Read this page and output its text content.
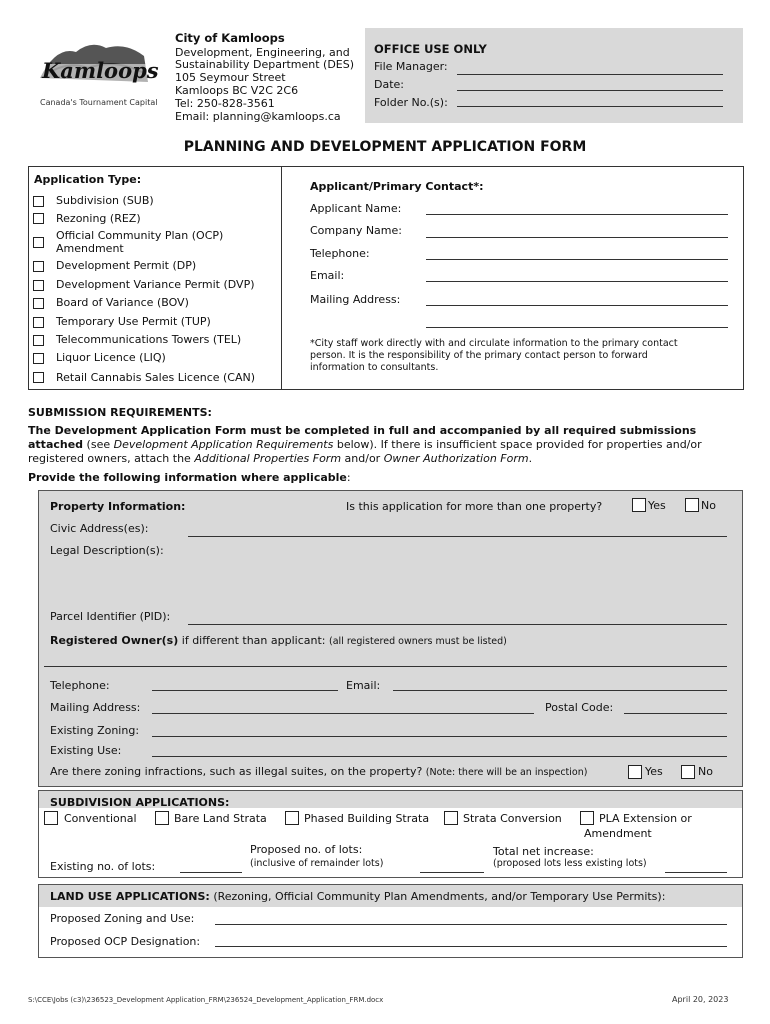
Kamloops
Canada's Tournament Capital
City of Kamloops
Development, Engineering, and
Sustainability Department (DES)
105 Seymour Street
Kamloops BC V2C 2C6
Tel: 250-828-3561
Email: planning@kamloops.ca
OFFICE USE ONLY
File Manager:
Date:
Folder No.(s):
PLANNING AND DEVELOPMENT APPLICATION FORM
Application Type:
Subdivision (SUB)
Rezoning (REZ)
Official Community Plan (OCP)
Amendment
Development Permit (DP)
Development Variance Permit (DVP)
Board of Variance (BOV)
Temporary Use Permit (TUP)
Telecommunications Towers (TEL)
Liquor Licence (LIQ)
Retail Cannabis Sales Licence (CAN)
Applicant/Primary Contact*:
Applicant Name:
Company Name:
Telephone:
Email:
Mailing Address:
*City staff work directly with and circulate information to the primary contact
person. It is the responsibility of the primary contact person to forward
information to consultants.
SUBMISSION REQUIREMENTS:
The Development Application Form must be completed in full and accompanied by all required submissions
attached (see Development Application Requirements below). If there is insufficient space provided for properties and/or
registered owners, attach the Additional Properties Form and/or Owner Authorization Form.
Provide the following information where applicable:
Property Information:	Is this application for more than one property?	Yes	No
Civic Address(es):
Legal Description(s):
Parcel Identifier (PID):
Registered Owner(s) if different than applicant: (all registered owners must be listed)
Telephone:	Email:
Mailing Address:	Postal Code:
Existing Zoning:
Existing Use:
Are there zoning infractions, such as illegal suites, on the property? (Note: there will be an inspection)	Yes	No
SUBDIVISION APPLICATIONS:
Conventional	Bare Land Strata	Phased Building Strata	Strata Conversion	PLA Extension or
Amendment
Existing no. of lots:
Proposed no. of lots:
(inclusive of remainder lots)
Total net increase:
(proposed lots less existing lots)
LAND USE APPLICATIONS: (Rezoning, Official Community Plan Amendments, and/or Temporary Use Permits):
Proposed Zoning and Use:
Proposed OCP Designation:
S:\CCE\Jobs (c3)\236523_Development Application_FRM\236524_Development_Application_FRM.docx	April 20, 2023
